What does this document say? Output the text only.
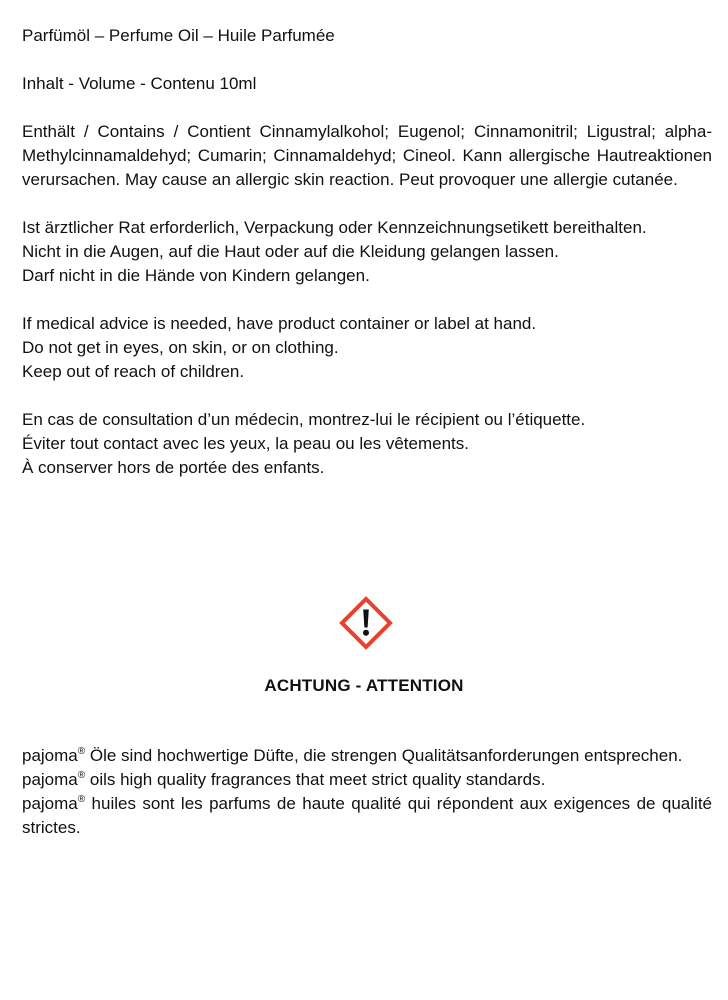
Parfümöl – Perfume Oil – Huile Parfumée

Inhalt - Volume - Contenu 10ml

Enthält / Contains / Contient Cinnamylalkohol; Eugenol; Cinnamonitril; Ligustral; alpha-Methylcinnamaldehyd; Cumarin; Cinnamaldehyd; Cineol. Kann allergische Hautreaktionen verursachen. May cause an allergic skin reaction. Peut provoquer une allergie cutanée.

Ist ärztlicher Rat erforderlich, Verpackung oder Kennzeichnungsetikett bereithalten.
Nicht in die Augen, auf die Haut oder auf die Kleidung gelangen lassen.
Darf nicht in die Hände von Kindern gelangen.

If medical advice is needed, have product container or label at hand.
Do not get in eyes, on skin, or on clothing.
Keep out of reach of children.

En cas de consultation d’un médecin, montrez-lui le récipient ou l’étiquette.
Éviter tout contact avec les yeux, la peau ou les vêtements.
À conserver hors de portée des enfants.

ACHTUNG - ATTENTION
pajoma® Öle sind hochwertige Düfte, die strengen Qualitätsanforderungen entsprechen.
pajoma® oils high quality fragrances that meet strict quality standards.
pajoma® huiles sont les parfums de haute qualité qui répondent aux exigences de qualité strictes.
